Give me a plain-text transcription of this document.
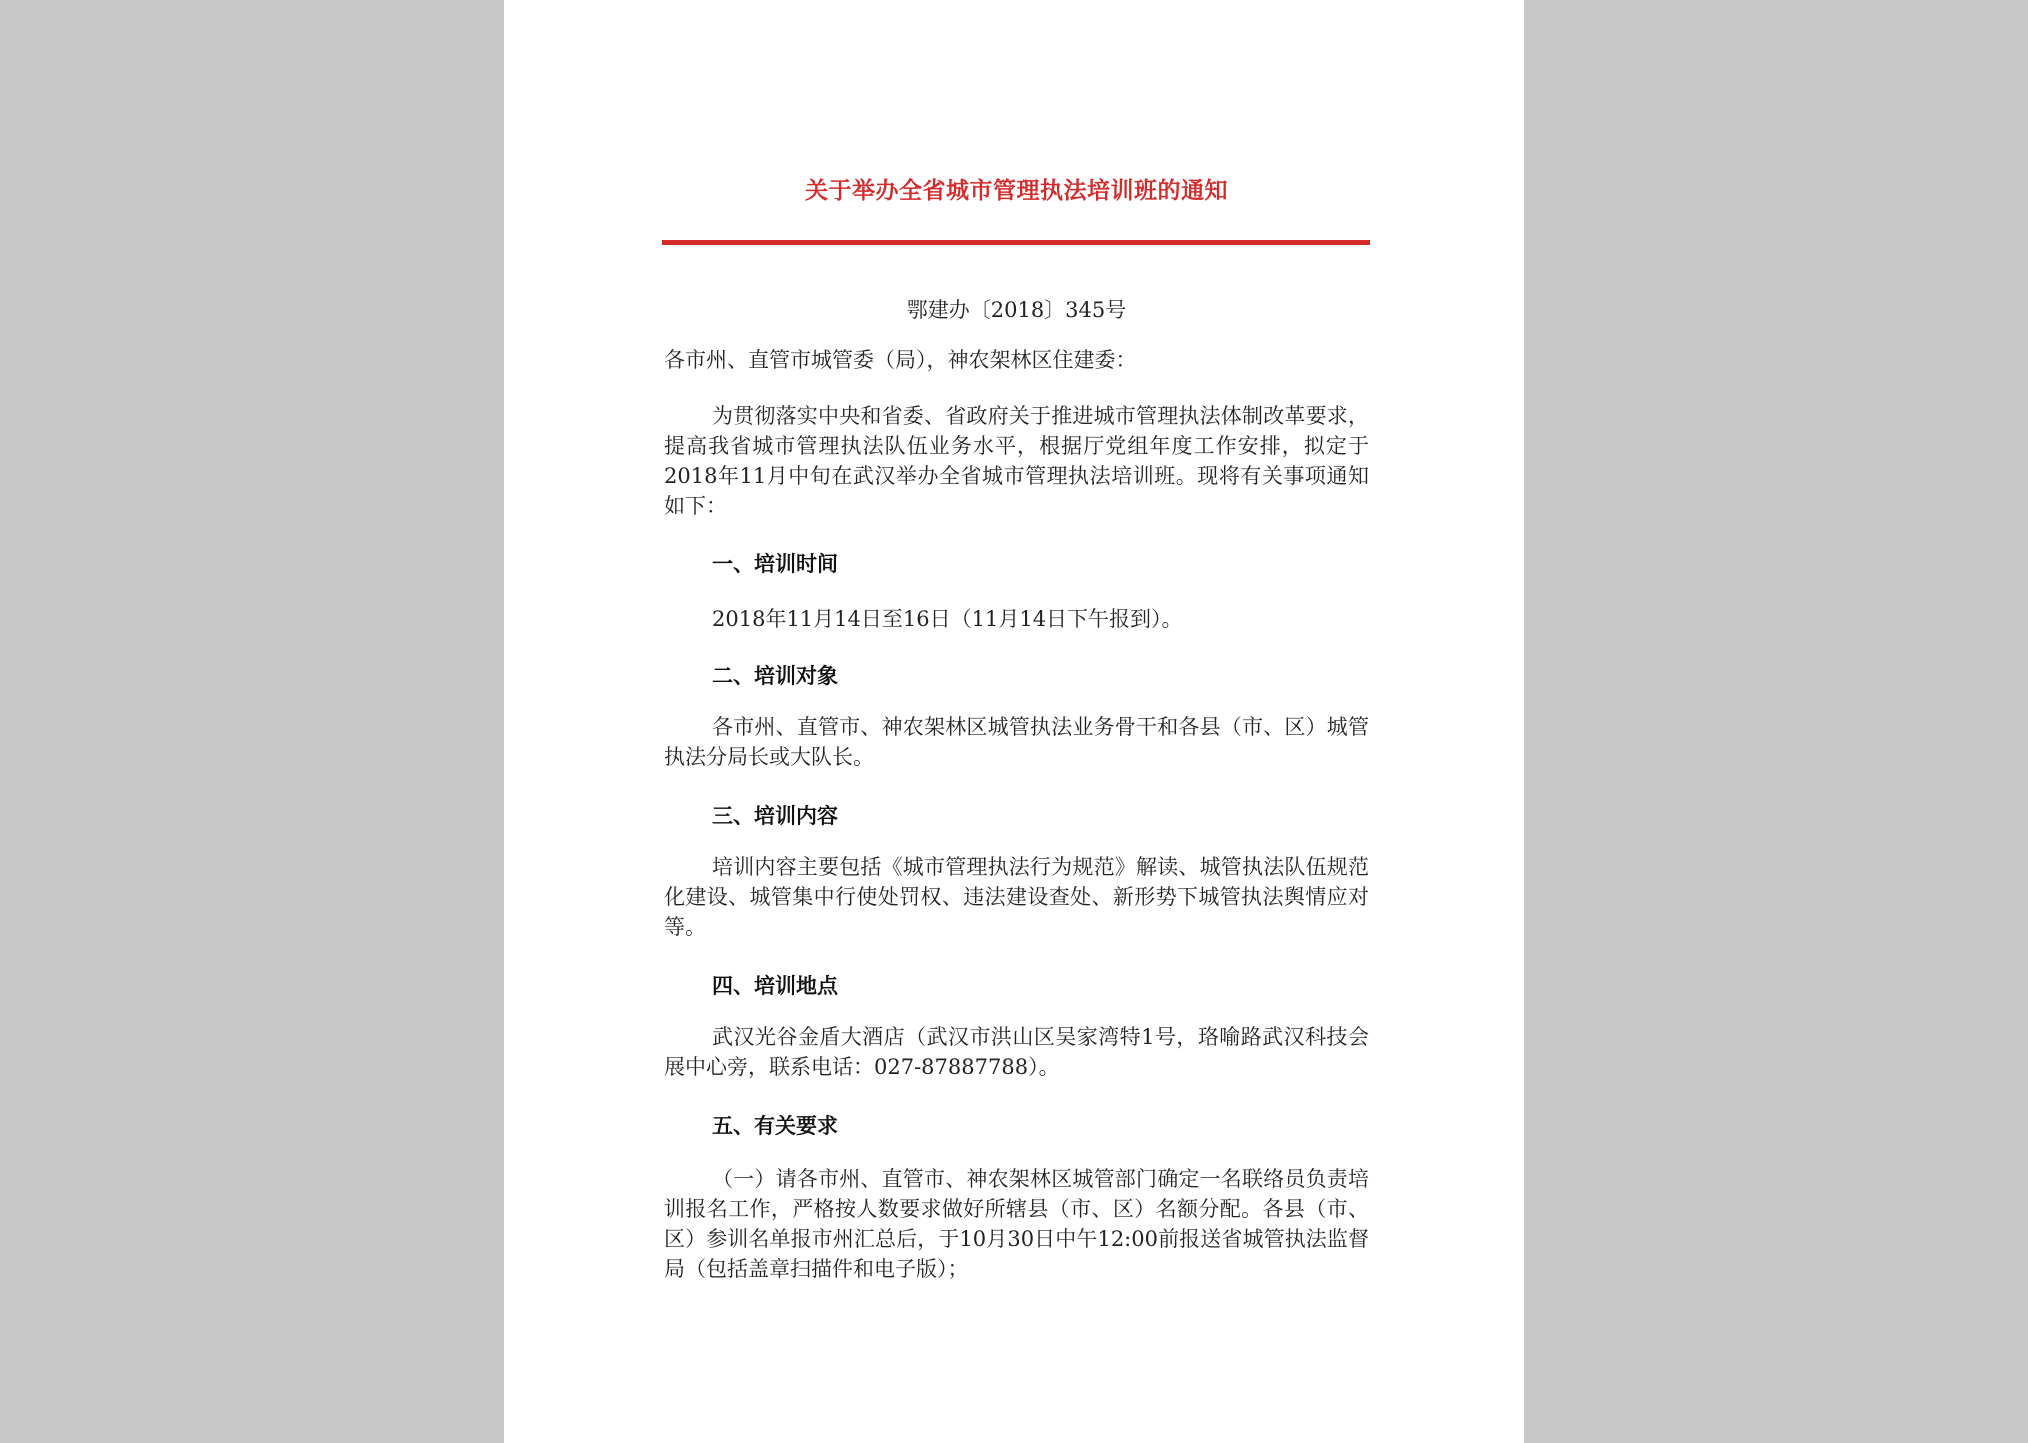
关于举办全省城市管理执法培训班的通知
鄂建办〔2018〕345号
各市州、直管市城管委（局），神农架林区住建委：
为贯彻落实中央和省委、省政府关于推进城市管理执法体制改革要求，提高我省城市管理执法队伍业务水平，根据厅党组年度工作安排，拟定于2018年11月中旬在武汉举办全省城市管理执法培训班。现将有关事项通知如下：
一、培训时间
2018年11月14日至16日（11月14日下午报到）。
二、培训对象
各市州、直管市、神农架林区城管执法业务骨干和各县（市、区）城管执法分局长或大队长。
三、培训内容
培训内容主要包括《城市管理执法行为规范》解读、城管执法队伍规范化建设、城管集中行使处罚权、违法建设查处、新形势下城管执法舆情应对等。
四、培训地点
武汉光谷金盾大酒店（武汉市洪山区吴家湾特1号，珞喻路武汉科技会展中心旁，联系电话：027-87887788）。
五、有关要求
（一）请各市州、直管市、神农架林区城管部门确定一名联络员负责培训报名工作，严格按人数要求做好所辖县（市、区）名额分配。各县（市、区）参训名单报市州汇总后，于10月30日中午12:00前报送省城管执法监督局（包括盖章扫描件和电子版）；
